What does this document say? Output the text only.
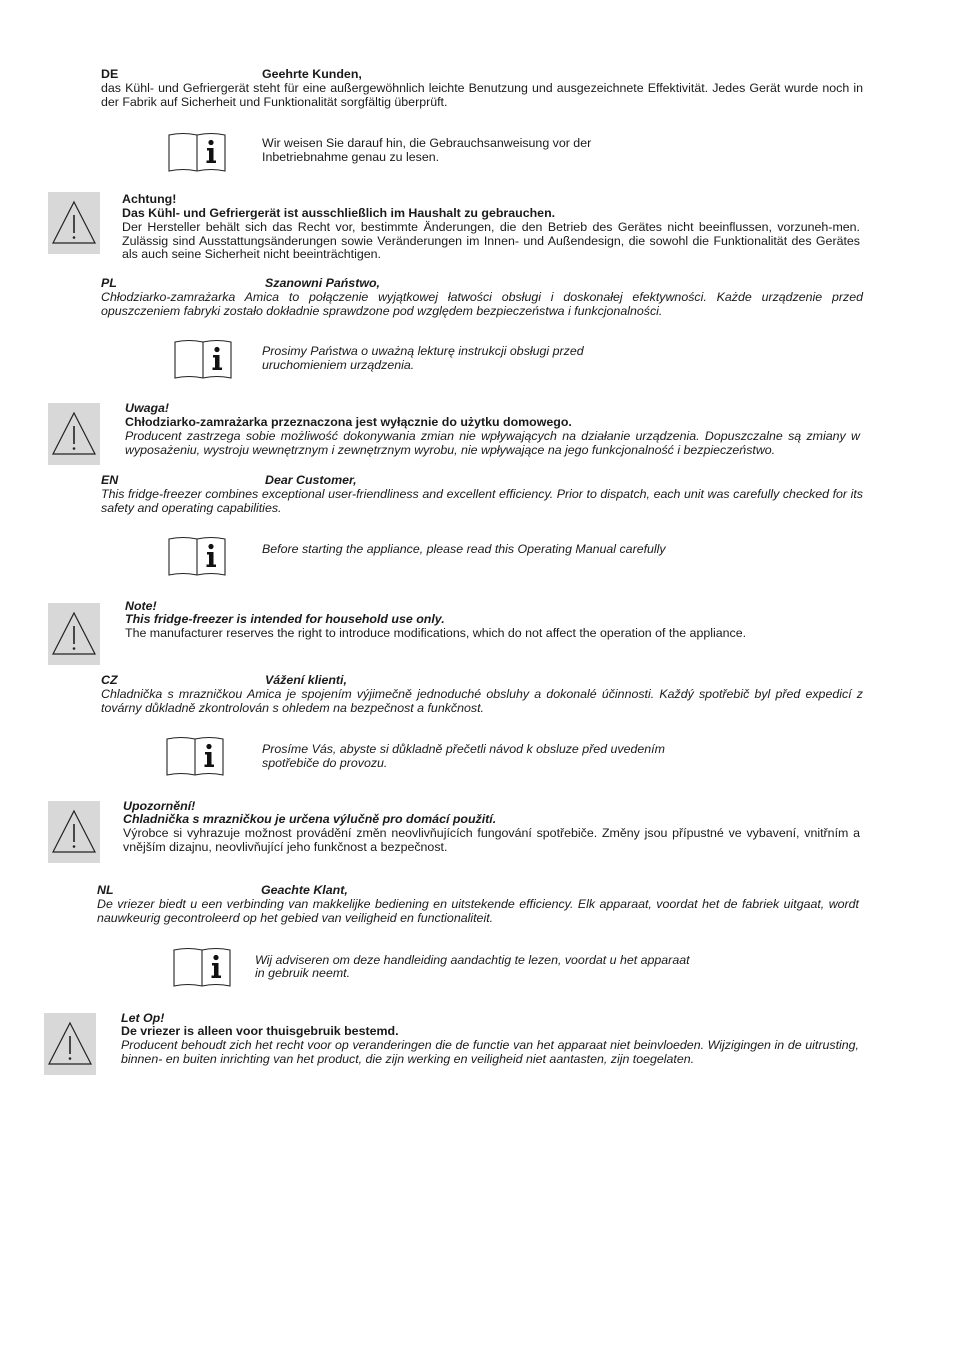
DE	Geehrte Kunden,
das Kühl- und Gefriergerät steht für eine außergewöhnlich leichte Benutzung und ausgezeichnete Effektivität. Jedes Gerät wurde noch in der Fabrik auf Sicherheit und Funktionalität sorgfältig überprüft.
Wir weisen Sie darauf hin, die Gebrauchsanweisung vor der
Inbetriebnahme genau zu lesen.
Achtung!
Das Kühl- und Gefriergerät ist ausschließlich im Haushalt zu gebrauchen.
Der Hersteller behält sich das Recht vor, bestimmte Änderungen, die den Betrieb des Gerätes nicht beeinflussen, vorzuneh-men. Zulässig sind Ausstattungsänderungen sowie Veränderungen im Innen- und Außendesign, die sowohl die Funktionalität des Gerätes als auch seine Sicherheit nicht beeinträchtigen.
PL	Szanowni Państwo,
Chłodziarko-zamrażarka Amica to połączenie wyjątkowej łatwości obsługi i doskonałej efektywności. Każde urządzenie przed opuszczeniem fabryki zostało dokładnie sprawdzone pod względem bezpieczeństwa i funkcjonalności.
Prosimy Państwa o uważną lekturę instrukcji obsługi przed
uruchomieniem urządzenia.
Uwaga!
Chłodziarko-zamrażarka przeznaczona jest wyłącznie do użytku domowego.
Producent zastrzega sobie możliwość dokonywania zmian nie wpływających na działanie urządzenia. Dopuszczalne są zmiany w wyposażeniu, wystroju wewnętrznym i zewnętrznym wyrobu, nie wpływające na jego funkcjonalność i bezpieczeństwo.
EN	Dear Customer,
This fridge-freezer combines exceptional user-friendliness and excellent efficiency. Prior to dispatch, each unit was carefully checked for its safety and operating capabilities.
Before starting the appliance, please read this Operating Manual carefully
Note!
This fridge-freezer is intended for household use only.
The manufacturer reserves the right to introduce modifications, which do not affect the operation of the appliance.
CZ	Vážení klienti,
Chladnička s mrazničkou Amica je spojením výjimečně jednoduché obsluhy a dokonalé účinnosti. Každý spotřebič byl před expedicí z továrny důkladně zkontrolován s ohledem na bezpečnost a funkčnost.
Prosíme Vás, abyste si důkladně přečetli návod k obsluze před uvedením
spotřebiče do provozu.
Upozornění!
Chladnička s mrazničkou je určena výlučně pro domácí použití.
Výrobce si vyhrazuje možnost provádění změn neovlivňujících fungování spotřebiče. Změny jsou přípustné ve vybavení, vnitřním a vnějším dizajnu, neovlivňující jeho funkčnost a bezpečnost.
NL	Geachte Klant,
De vriezer biedt u een verbinding van makkelijke bediening en uitstekende efficiency. Elk apparaat, voordat het de fabriek uitgaat, wordt nauwkeurig gecontroleerd op het gebied van veiligheid en functionaliteit.
Wij adviseren om deze handleiding aandachtig te lezen, voordat u het apparaat
in gebruik neemt.
Let Op!
De vriezer is alleen voor thuisgebruik bestemd.
Producent behoudt zich het recht voor op veranderingen die de functie van het apparaat niet beinvloeden. Wijzigingen in de uitrusting, binnen- en buiten inrichting van het product, die zijn werking en veiligheid niet aantasten, zijn toegelaten.
